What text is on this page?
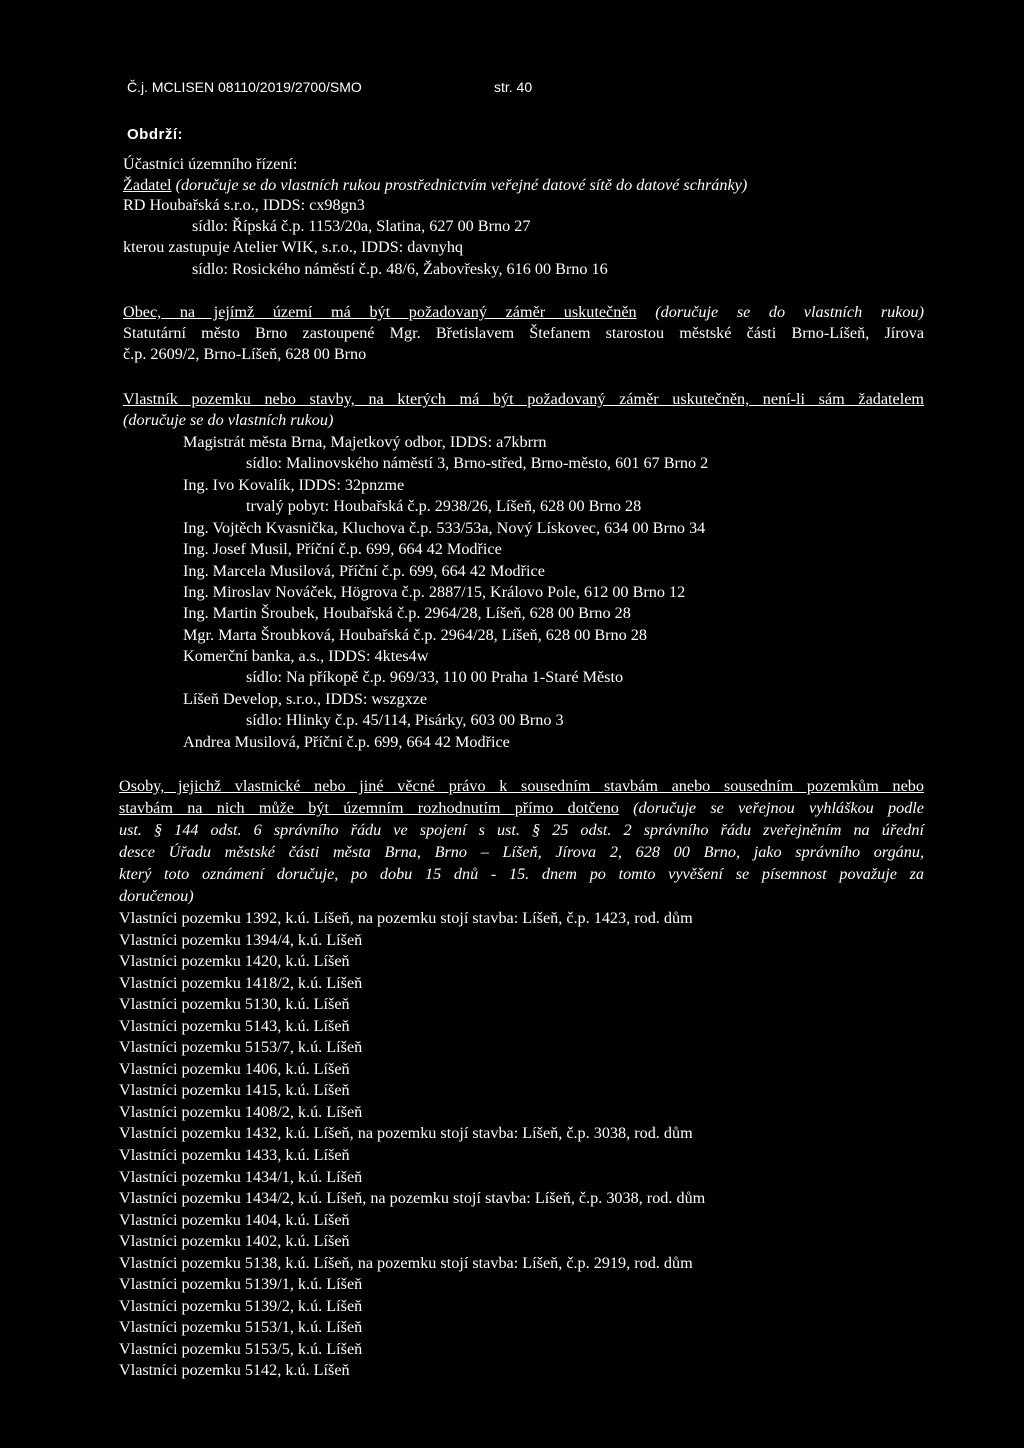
Č.j. MCLISEN 08110/2019/2700/SMO	str. 40
Obdrží:
Účastníci územního řízení:
Žadatel (doručuje se do vlastních rukou prostřednictvím veřejné datové sítě do datové schránky)
RD Houbařská s.r.o., IDDS: cx98gn3
sídlo: Řípská č.p. 1153/20a, Slatina, 627 00 Brno 27
kterou zastupuje Atelier WIK, s.r.o., IDDS: davnyhq
sídlo: Rosického náměstí č.p. 48/6, Žabovřesky, 616 00 Brno 16
Obec, na jejímž území má být požadovaný záměr uskutečněn (doručuje se do vlastních rukou)
Statutární město Brno zastoupené Mgr. Břetislavem Štefanem starostou městské části Brno-Líšeň, Jírova
č.p. 2609/2, Brno-Líšeň, 628 00 Brno
Vlastník pozemku nebo stavby, na kterých má být požadovaný záměr uskutečněn, není-li sám žadatelem
(doručuje se do vlastních rukou)
Magistrát města Brna, Majetkový odbor, IDDS: a7kbrrn
sídlo: Malinovského náměstí 3, Brno-střed, Brno-město, 601 67 Brno 2
Ing. Ivo Kovalík, IDDS: 32pnzme
trvalý pobyt: Houbařská č.p. 2938/26, Líšeň, 628 00 Brno 28
Ing. Vojtěch Kvasnička, Kluchova č.p. 533/53a, Nový Lískovec, 634 00 Brno 34
Ing. Josef Musil, Příční č.p. 699, 664 42 Modřice
Ing. Marcela Musilová, Příční č.p. 699, 664 42 Modřice
Ing. Miroslav Nováček, Högrova č.p. 2887/15, Královo Pole, 612 00 Brno 12
Ing. Martin Šroubek, Houbařská č.p. 2964/28, Líšeň, 628 00 Brno 28
Mgr. Marta Šroubková, Houbařská č.p. 2964/28, Líšeň, 628 00 Brno 28
Komerční banka, a.s., IDDS: 4ktes4w
sídlo: Na příkopě č.p. 969/33, 110 00 Praha 1-Staré Město
Líšeň Develop, s.r.o., IDDS: wszgxze
sídlo: Hlinky č.p. 45/114, Pisárky, 603 00 Brno 3
Andrea Musilová, Příční č.p. 699, 664 42 Modřice
Osoby, jejichž vlastnické nebo jiné věcné právo k sousedním stavbám anebo sousedním pozemkům nebo
stavbám na nich může být územním rozhodnutím přímo dotčeno (doručuje se veřejnou vyhláškou podle
ust. § 144 odst. 6 správního řádu ve spojení s ust. § 25 odst. 2 správního řádu zveřejněním na úřední
desce Úřadu městské části města Brna, Brno – Líšeň, Jírova 2, 628 00 Brno, jako správního orgánu,
který toto oznámení doručuje, po dobu 15 dnů - 15. dnem po tomto vyvěšení se písemnost považuje za
doručenou)
Vlastníci pozemku 1392, k.ú. Líšeň, na pozemku stojí stavba: Líšeň, č.p. 1423, rod. dům
Vlastníci pozemku 1394/4, k.ú. Líšeň
Vlastníci pozemku 1420, k.ú. Líšeň
Vlastníci pozemku 1418/2, k.ú. Líšeň
Vlastníci pozemku 5130, k.ú. Líšeň
Vlastníci pozemku 5143, k.ú. Líšeň
Vlastníci pozemku 5153/7, k.ú. Líšeň
Vlastníci pozemku 1406, k.ú. Líšeň
Vlastníci pozemku 1415, k.ú. Líšeň
Vlastníci pozemku 1408/2, k.ú. Líšeň
Vlastníci pozemku 1432, k.ú. Líšeň, na pozemku stojí stavba: Líšeň, č.p. 3038, rod. dům
Vlastníci pozemku 1433, k.ú. Líšeň
Vlastníci pozemku 1434/1, k.ú. Líšeň
Vlastníci pozemku 1434/2, k.ú. Líšeň, na pozemku stojí stavba: Líšeň, č.p. 3038, rod. dům
Vlastníci pozemku 1404, k.ú. Líšeň
Vlastníci pozemku 1402, k.ú. Líšeň
Vlastníci pozemku 5138, k.ú. Líšeň, na pozemku stojí stavba: Líšeň, č.p. 2919, rod. dům
Vlastníci pozemku 5139/1, k.ú. Líšeň
Vlastníci pozemku 5139/2, k.ú. Líšeň
Vlastníci pozemku 5153/1, k.ú. Líšeň
Vlastníci pozemku 5153/5, k.ú. Líšeň
Vlastníci pozemku 5142, k.ú. Líšeň
